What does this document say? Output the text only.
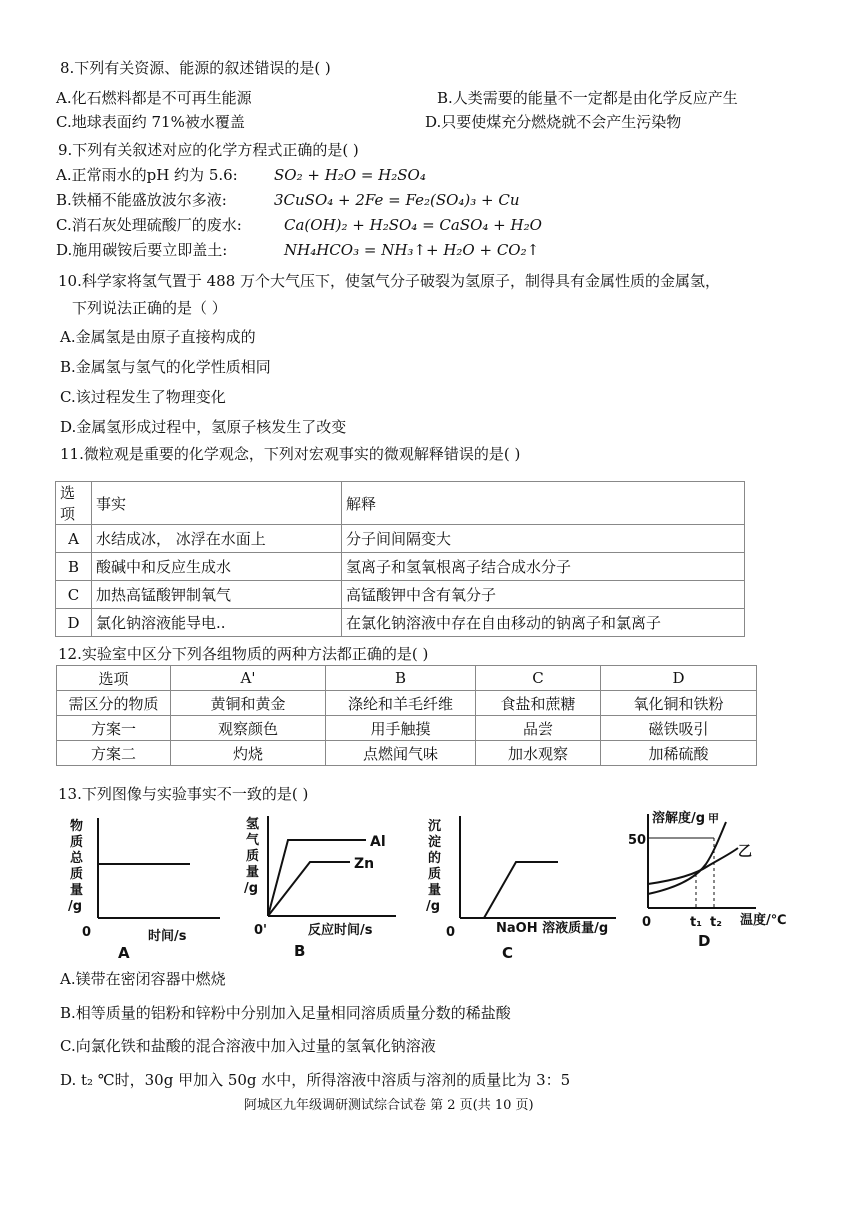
8.下列有关资源、能源的叙述错误的是( )
A.化石燃料都是不可再生能源	B.人类需要的能量不一定都是由化学反应产生
C.地球表面约 71%被水覆盖	D.只要使煤充分燃烧就不会产生污染物
9.下列有关叙述对应的化学方程式正确的是( )
A.正常雨水的pH 约为 5.6: SO₂ + H₂O = H₂SO₄
B.铁桶不能盛放波尔多液:	3CuSO₄ + 2Fe = Fe₂(SO₄)₃ + Cu
C.消石灰处理硫酸厂的废水:	Ca(OH)₂ + H₂SO₄ = CaSO₄ + H₂O
D.施用碳铵后要立即盖土:	NH₄HCO₃ = NH₃↑+ H₂O + CO₂↑
10.科学家将氢气置于 488 万个大气压下，使氢气分子破裂为氢原子，制得具有金属性质的金属氢，
下列说法正确的是（ ）
A.金属氢是由原子直接构成的
B.金属氢与氢气的化学性质相同
C.该过程发生了物理变化
D.金属氢形成过程中，氢原子核发生了改变
11.微粒观是重要的化学观念，下列对宏观事实的微观解释错误的是( )
选项	事实	解释
A	水结成冰， 冰浮在水面上	分子间间隔变大
B	酸碱中和反应生成水	氢离子和氢氧根离子结合成水分子
C	加热高锰酸钾制氧气	高锰酸钾中含有氧分子
D	氯化钠溶液能导电..	在氯化钠溶液中存在自由移动的钠离子和氯离子
12.实验室中区分下列各组物质的两种方法都正确的是( )
选项	A'	B	C	D
需区分的物质	黄铜和黄金	涤纶和羊毛纤维	食盐和蔗糖	氧化铜和铁粉
方案一	观察颜色	用手触摸	品尝	磁铁吸引
方案二	灼烧	点燃闻气味	加水观察	加稀硫酸
13.下列图像与实验事实不一致的是( )
物
质
总
质
量
/g
0	时间/s
A
氢
气
质
量
/g
Al
Zn
0'	反应时间/s
B
沉
淀
的
质
量
/g
0	NaOH 溶液质量/g
C
溶解度/g 甲
50
乙
0	t₁ t₂ 温度/℃
D
A.镁带在密闭容器中燃烧
B.相等质量的铝粉和锌粉中分别加入足量相同溶质质量分数的稀盐酸
C.向氯化铁和盐酸的混合溶液中加入过量的氢氧化钠溶液
D. t₂ ℃时，30g 甲加入 50g 水中，所得溶液中溶质与溶剂的质量比为 3：5
阿城区九年级调研测试综合试卷 第 2 页(共 10 页)
